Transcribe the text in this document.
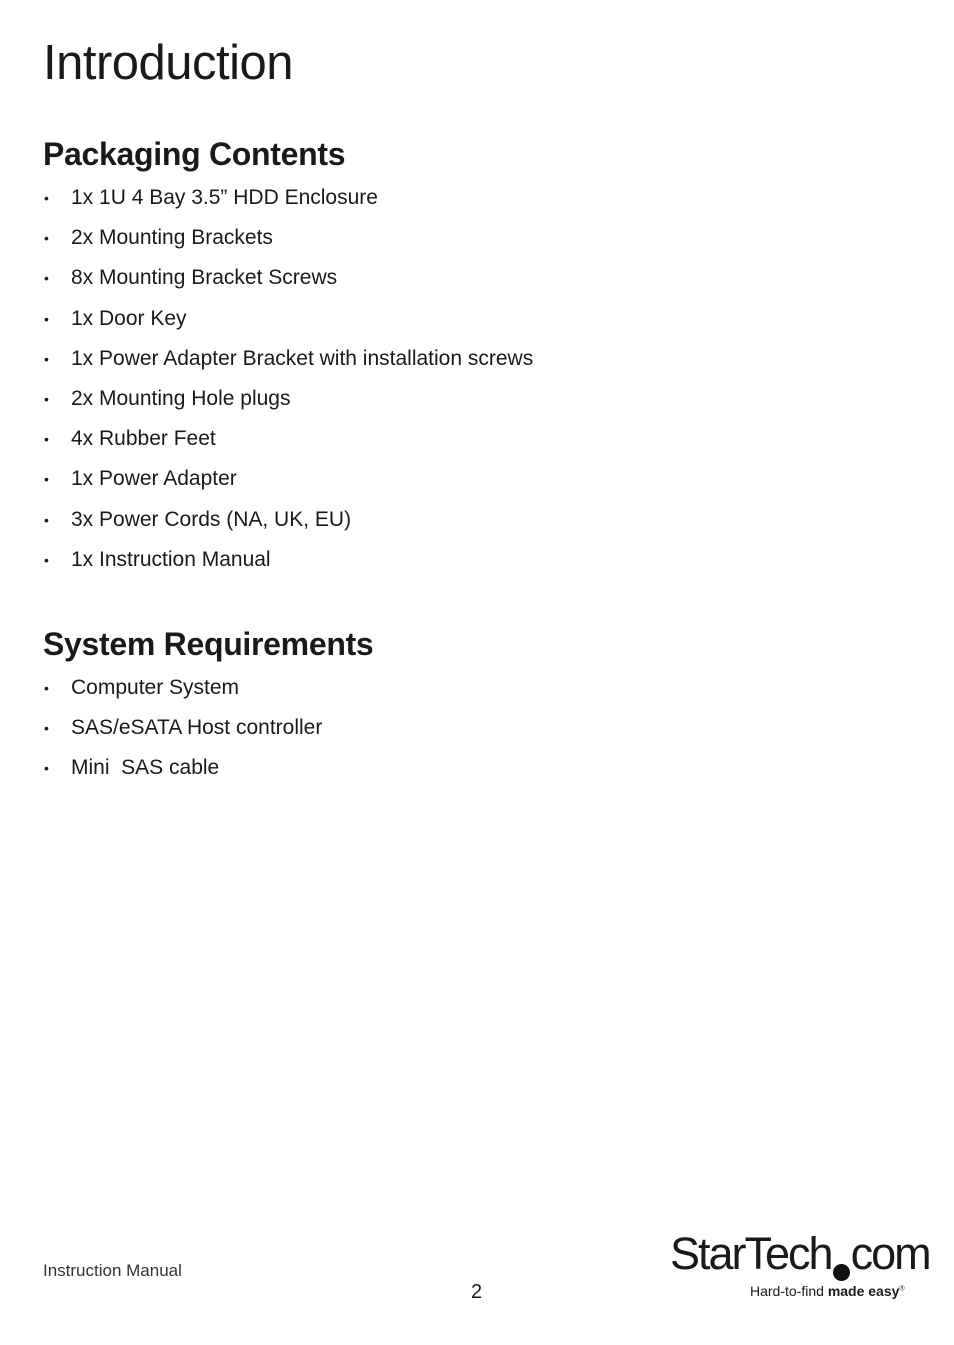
Introduction
Packaging Contents
•	1x 1U 4 Bay 3.5” HDD Enclosure
•	2x Mounting Brackets
•	8x Mounting Bracket Screws
•	1x Door Key
•	1x Power Adapter Bracket with installation screws
•	2x Mounting Hole plugs
•	4x Rubber Feet
•	1x Power Adapter
•	3x Power Cords (NA, UK, EU)
•	1x Instruction Manual
System Requirements
•	Computer System
•	SAS/eSATA Host controller
•	Mini  SAS cable
Instruction Manual
2
StarTech com
Hard-to-find made easy®
